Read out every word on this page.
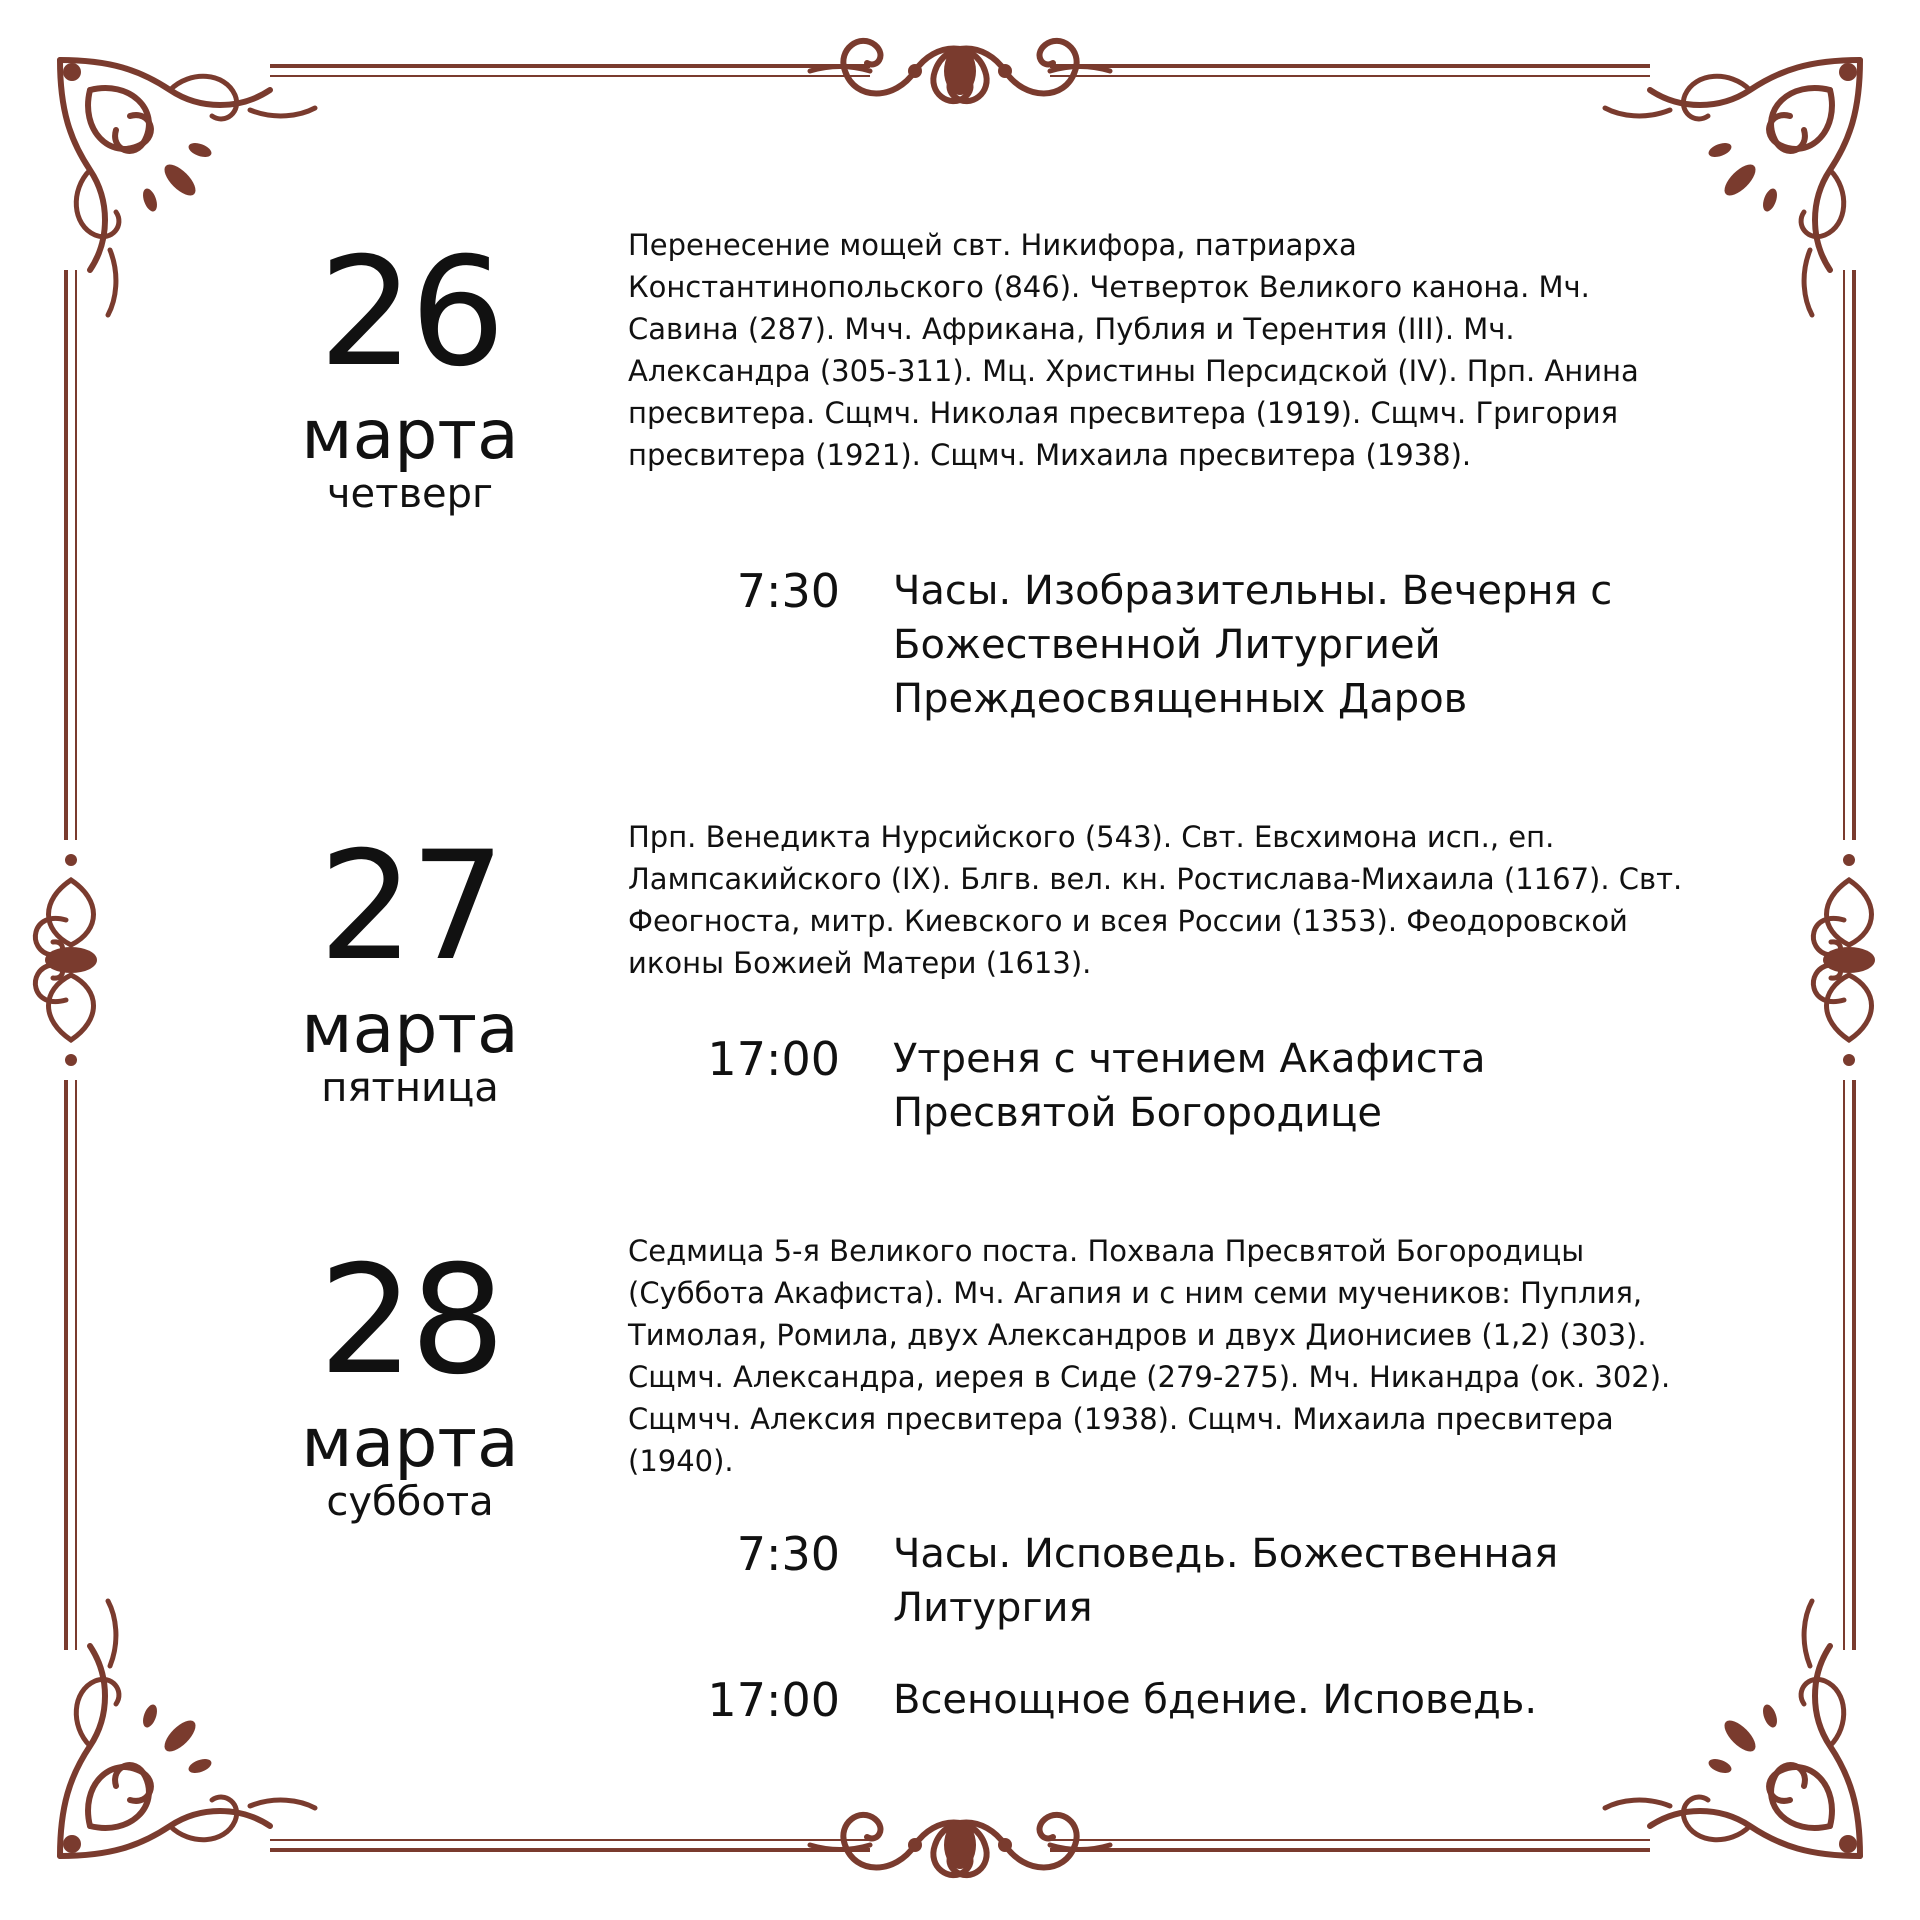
26
марта
четверг
Перенесение мощей свт. Никифора, патриарха Константинопольского (846). Четверток Великого канона. Мч. Савина (287). Мчч. Африкана, Публия и Терентия (III). Мч. Александра (305-311). Мц. Христины Персидской (IV). Прп. Анина пресвитера. Сщмч. Николая пресвитера (1919). Сщмч. Григория пресвитера (1921). Сщмч. Михаила пресвитера (1938).
7:30 Часы. Изобразительны. Вечерня с Божественной Литургией Преждеосвященных Даров
27
марта
пятница
Прп. Венедикта Нурсийского (543). Свт. Евсхимона исп., еп. Лампсакийского (IX). Блгв. вел. кн. Ростислава-Михаила (1167). Свт. Феогноста, митр. Киевского и всея России (1353). Феодоровской иконы Божией Матери (1613).
17:00 Утреня с чтением Акафиста Пресвятой Богородице
28
марта
суббота
Седмица 5-я Великого поста. Похвала Пресвятой Богородицы (Суббота Акафиста). Мч. Агапия и с ним семи мучеников: Пуплия, Тимолая, Ромила, двух Александров и двух Дионисиев (1,2) (303). Сщмч. Александра, иерея в Сиде (279-275). Мч. Никандра (ок. 302). Сщмчч. Алексия пресвитера (1938). Сщмч. Михаила пресвитера (1940).
7:30 Часы. Исповедь. Божественная Литургия
17:00 Всенощное бдение. Исповедь.
